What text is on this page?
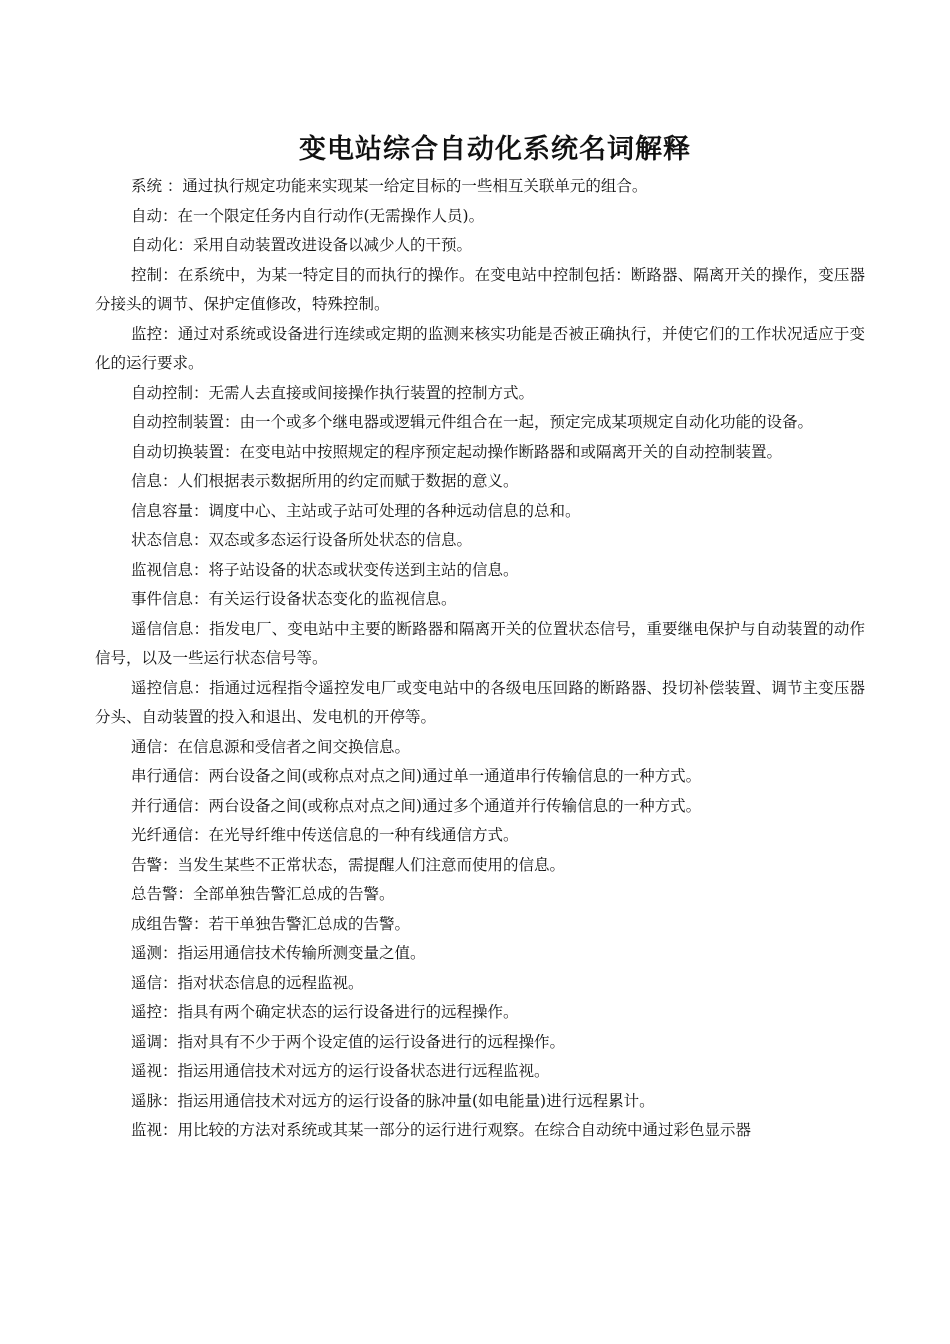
变电站综合自动化系统名词解释

系统 ：通过执行规定功能来实现某一给定目标的一些相互关联单元的组合。

自动：在一个限定任务内自行动作(无需操作人员)。

自动化：采用自动装置改进设备以减少人的干预。

控制：在系统中，为某一特定目的而执行的操作。在变电站中控制包括：断路器、隔离开关的操作，变压器分接头的调节、保护定值修改，特殊控制。

监控：通过对系统或设备进行连续或定期的监测来核实功能是否被正确执行，并使它们的工作状况适应于变化的运行要求。

自动控制：无需人去直接或间接操作执行装置的控制方式。

自动控制装置：由一个或多个继电器或逻辑元件组合在一起，预定完成某项规定自动化功能的设备。

自动切换装置：在变电站中按照规定的程序预定起动操作断路器和或隔离开关的自动控制装置。

信息：人们根据表示数据所用的约定而赋于数据的意义。

信息容量：调度中心、主站或子站可处理的各种远动信息的总和。

状态信息：双态或多态运行设备所处状态的信息。

监视信息：将子站设备的状态或状变传送到主站的信息。

事件信息：有关运行设备状态变化的监视信息。

遥信信息：指发电厂、变电站中主要的断路器和隔离开关的位置状态信号，重要继电保护与自动装置的动作信号，以及一些运行状态信号等。

遥控信息：指通过远程指令遥控发电厂或变电站中的各级电压回路的断路器、投切补偿装置、调节主变压器分头、自动装置的投入和退出、发电机的开停等。

通信：在信息源和受信者之间交换信息。

串行通信：两台设备之间(或称点对点之间)通过单一通道串行传输信息的一种方式。

并行通信：两台设备之间(或称点对点之间)通过多个通道并行传输信息的一种方式。

光纤通信：在光导纤维中传送信息的一种有线通信方式。

告警：当发生某些不正常状态，需提醒人们注意而使用的信息。

总告警：全部单独告警汇总成的告警。

成组告警：若干单独告警汇总成的告警。

遥测：指运用通信技术传输所测变量之值。

遥信：指对状态信息的远程监视。

遥控：指具有两个确定状态的运行设备进行的远程操作。

遥调：指对具有不少于两个设定值的运行设备进行的远程操作。

遥视：指运用通信技术对远方的运行设备状态进行远程监视。

遥脉：指运用通信技术对远方的运行设备的脉冲量(如电能量)进行远程累计。

监视：用比较的方法对系统或其某一部分的运行进行观察。在综合自动统中通过彩色显示器
